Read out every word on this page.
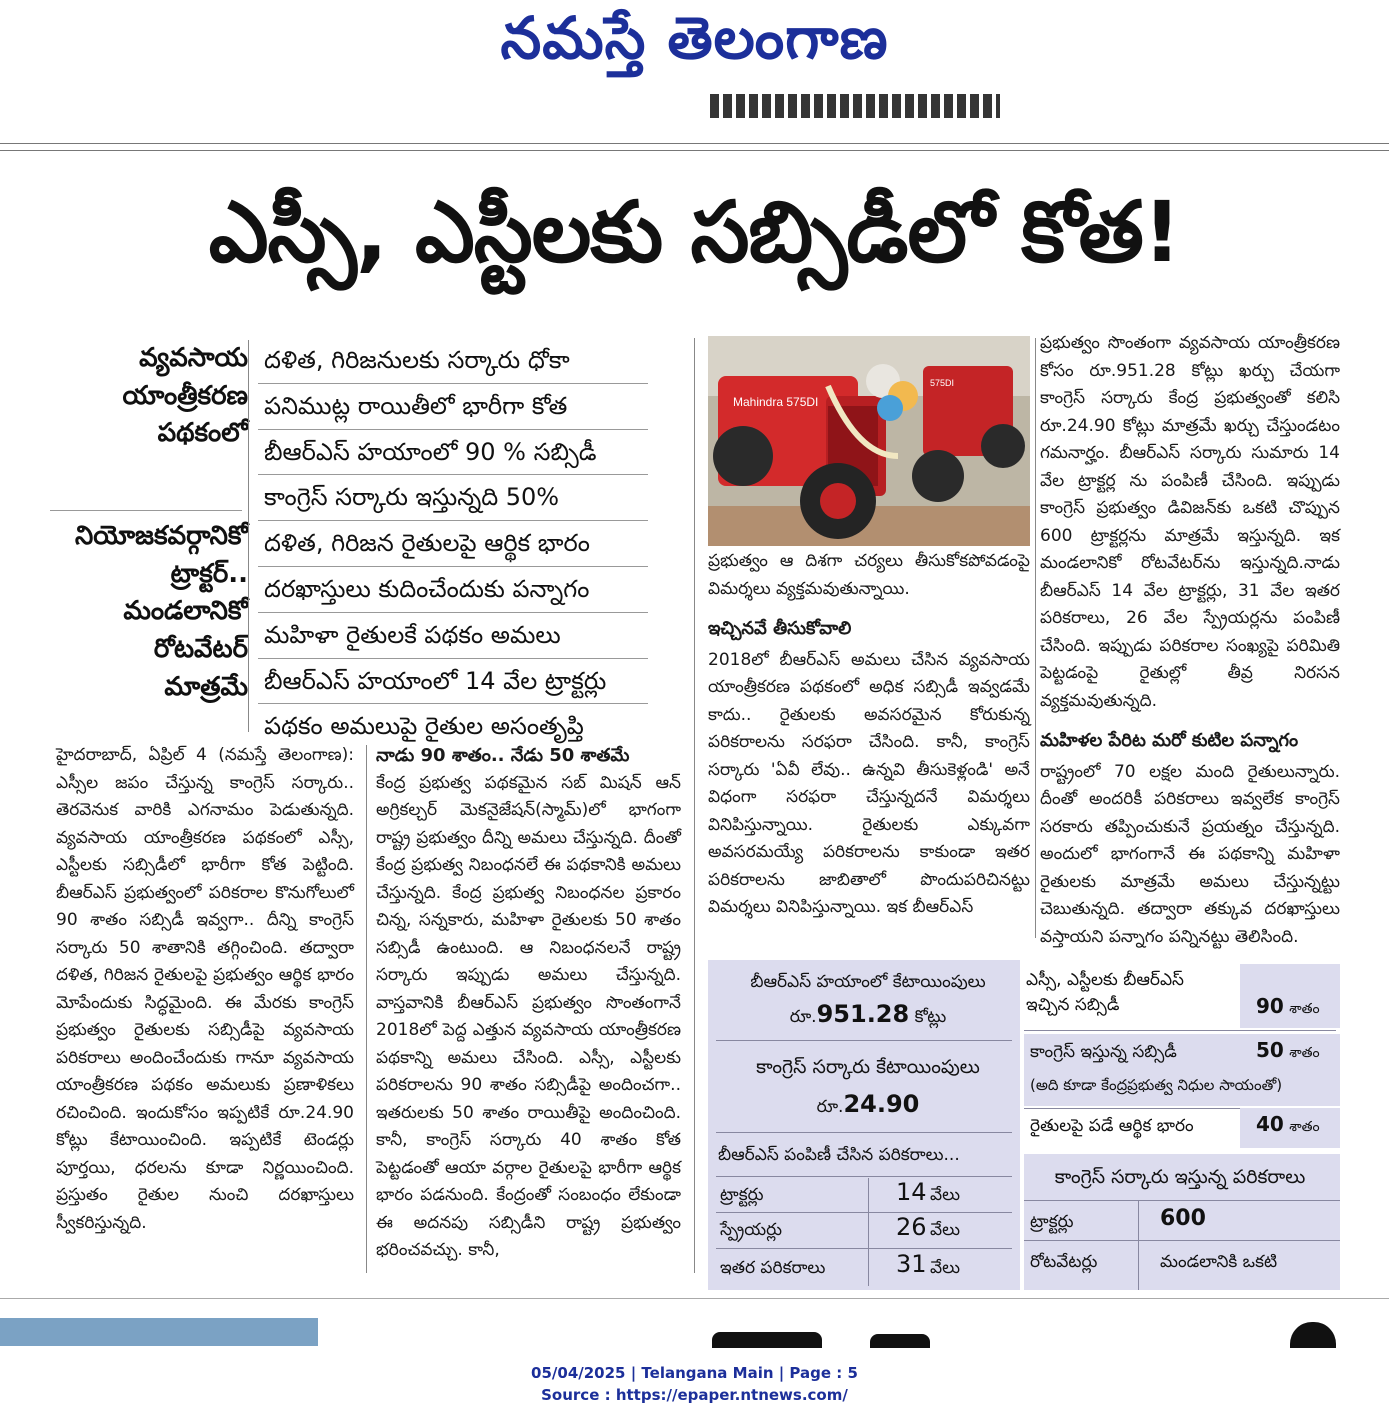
నమస్తే తెలంగాణ
ఎస్సీ, ఎస్టీలకు సబ్సిడీలో కోత!
వ్యవసాయ
యాంత్రీకరణ
పథకంలో
నియోజకవర్గానికో
ట్రాక్టర్..
మండలానికో
రోటవేటర్
మాత్రమే
దళిత, గిరిజనులకు సర్కారు ధోకా
పనిముట్ల రాయితీలో భారీగా కోత
బీఆర్ఎస్ హయాంలో 90 % సబ్సిడీ
కాంగ్రెస్ సర్కారు ఇస్తున్నది 50%
దళిత, గిరిజన రైతులపై ఆర్థిక భారం
దరఖాస్తులు కుదించేందుకు పన్నాగం
మహిళా రైతులకే పథకం అమలు
బీఆర్ఎస్ హయాంలో 14 వేల ట్రాక్టర్లు
పథకం అమలుపై రైతుల అసంతృప్తి

హైదరాబాద్, ఏప్రిల్ 4 (నమస్తే తెలంగాణ): ఎస్సీల జపం చేస్తున్న కాంగ్రెస్ సర్కారు.. తెరవెనుక వారికి ఎగనామం పెడుతున్నది. వ్యవసాయ యాంత్రీకరణ పథకంలో ఎస్సీ, ఎస్టీలకు సబ్సిడీలో భారీగా కోత పెట్టింది. బీఆర్ఎస్ ప్రభుత్వంలో పరికరాల కొనుగోలులో 90 శాతం సబ్సిడీ ఇవ్వగా.. దీన్ని కాంగ్రెస్ సర్కారు 50 శాతానికి తగ్గించింది. తద్వారా దళిత, గిరిజన రైతులపై ప్రభుత్వం ఆర్థిక భారం మోపేందుకు సిద్ధమైంది. ఈ మేరకు కాంగ్రెస్ ప్రభుత్వం రైతులకు సబ్సిడీపై వ్యవసాయ పరికరాలు అందించేందుకు గానూ వ్యవసాయ యాంత్రీకరణ పథకం అమలుకు ప్రణాళికలు రచించింది. ఇందుకోసం ఇప్పటికే రూ.24.90 కోట్లు కేటాయించింది. ఇప్పటికే టెండర్లు పూర్తయి, ధరలను కూడా నిర్ణయించింది. ప్రస్తుతం రైతుల నుంచి దరఖాస్తులు స్వీకరిస్తున్నది.

నాడు 90 శాతం.. నేడు 50 శాతమే

కేంద్ర ప్రభుత్వ పథకమైన సబ్ మిషన్ ఆన్ అగ్రికల్చర్ మెకనైజేషన్(స్మామ్)లో భాగంగా రాష్ట్ర ప్రభుత్వం దీన్ని అమలు చేస్తున్నది. దీంతో కేంద్ర ప్రభుత్వ నిబంధనలే ఈ పథకానికి అమలు చేస్తున్నది. కేంద్ర ప్రభుత్వ నిబంధనల ప్రకారం చిన్న, సన్నకారు, మహిళా రైతులకు 50 శాతం సబ్సిడీ ఉంటుంది. ఆ నిబంధనలనే రాష్ట్ర సర్కారు ఇప్పుడు అమలు చేస్తున్నది. వాస్తవానికి బీఆర్ఎస్ ప్రభుత్వం సొంతంగానే 2018లో పెద్ద ఎత్తున వ్యవసాయ యాంత్రీకరణ పథకాన్ని అమలు చేసింది. ఎస్సీ, ఎస్టీలకు పరికరాలను 90 శాతం సబ్సిడీపై అందించగా.. ఇతరులకు 50 శాతం రాయితీపై అందించింది. కానీ, కాంగ్రెస్ సర్కారు 40 శాతం కోత పెట్టడంతో ఆయా వర్గాల రైతులపై భారీగా ఆర్థిక భారం పడనుంది. కేంద్రంతో సంబంధం లేకుండా ఈ అదనపు సబ్సిడీని రాష్ట్ర ప్రభుత్వం భరించవచ్చు. కానీ,

Mahindra 575DI
575DI

ప్రభుత్వం ఆ దిశగా చర్యలు తీసుకోకపోవడంపై విమర్శలు వ్యక్తమవుతున్నాయి.

ఇచ్చినవే తీసుకోవాలి

2018లో బీఆర్ఎస్ అమలు చేసిన వ్యవసాయ యాంత్రీకరణ పథకంలో అధిక సబ్సిడీ ఇవ్వడమే కాదు.. రైతులకు అవసరమైన కోరుకున్న పరికరాలను సరఫరా చేసింది. కానీ, కాంగ్రెస్ సర్కారు 'ఏవీ లేవు.. ఉన్నవి తీసుకెళ్లండి' అనే విధంగా సరఫరా చేస్తున్నదనే విమర్శలు వినిపిస్తున్నాయి. రైతులకు ఎక్కువగా అవసరమయ్యే పరికరాలను కాకుండా ఇతర పరికరాలను జాబితాలో పొందుపరిచినట్టు విమర్శలు వినిపిస్తున్నాయి. ఇక బీఆర్ఎస్

ప్రభుత్వం సొంతంగా వ్యవసాయ యాంత్రీకరణ కోసం రూ.951.28 కోట్లు ఖర్చు చేయగా కాంగ్రెస్ సర్కారు కేంద్ర ప్రభుత్వంతో కలిసి రూ.24.90 కోట్లు మాత్రమే ఖర్చు చేస్తుండటం గమనార్హం. బీఆర్ఎస్ సర్కారు సుమారు 14 వేల ట్రాక్టర్ల ను పంపిణీ చేసింది. ఇప్పుడు కాంగ్రెస్ ప్రభుత్వం డివిజన్‌కు ఒకటి చొప్పున 600 ట్రాక్టర్లను మాత్రమే ఇస్తున్నది. ఇక మండలానికో రోటవేటర్‌ను ఇస్తున్నది.నాడు బీఆర్ఎస్ 14 వేల ట్రాక్టర్లు, 31 వేల ఇతర పరికరాలు, 26 వేల స్ప్రేయర్లను పంపిణీ చేసింది. ఇప్పుడు పరికరాల సంఖ్యపై పరిమితి పెట్టడంపై రైతుల్లో తీవ్ర నిరసన వ్యక్తమవుతున్నది.

మహిళల పేరిట మరో కుటిల పన్నాగం

రాష్ట్రంలో 70 లక్షల మంది రైతులున్నారు. దీంతో అందరికీ పరికరాలు ఇవ్వలేక కాంగ్రెస్ సరకారు తప్పించుకునే ప్రయత్నం చేస్తున్నది. అందులో భాగంగానే ఈ పథకాన్ని మహిళా రైతులకు మాత్రమే అమలు చేస్తున్నట్టు చెబుతున్నది. తద్వారా తక్కువ దరఖాస్తులు వస్తాయని పన్నాగం పన్నినట్టు తెలిసింది.

బీఆర్ఎస్ హయాంలో కేటాయింపులు
రూ.951.28 కోట్లు
కాంగ్రెస్ సర్కారు కేటాయింపులు
రూ.24.90
బీఆర్ఎస్ పంపిణీ చేసిన పరికరాలు...
ట్రాక్టర్లు	14 వేలు
స్ప్రేయర్లు	26 వేలు
ఇతర పరికరాలు	31 వేలు
ఎస్సీ, ఎస్టీలకు బీఆర్ఎస్
ఇచ్చిన సబ్సిడీ	90 శాతం
కాంగ్రెస్ ఇస్తున్న సబ్సిడీ	50 శాతం
(అది కూడా కేంద్రప్రభుత్వ నిధుల సాయంతో)
రైతులపై పడే ఆర్థిక భారం	40 శాతం
కాంగ్రెస్ సర్కారు ఇస్తున్న పరికరాలు
ట్రాక్టర్లు	600
రోటవేటర్లు	మండలానికి ఒకటి
05/04/2025 | Telangana Main | Page : 5
Source : https://epaper.ntnews.com/
